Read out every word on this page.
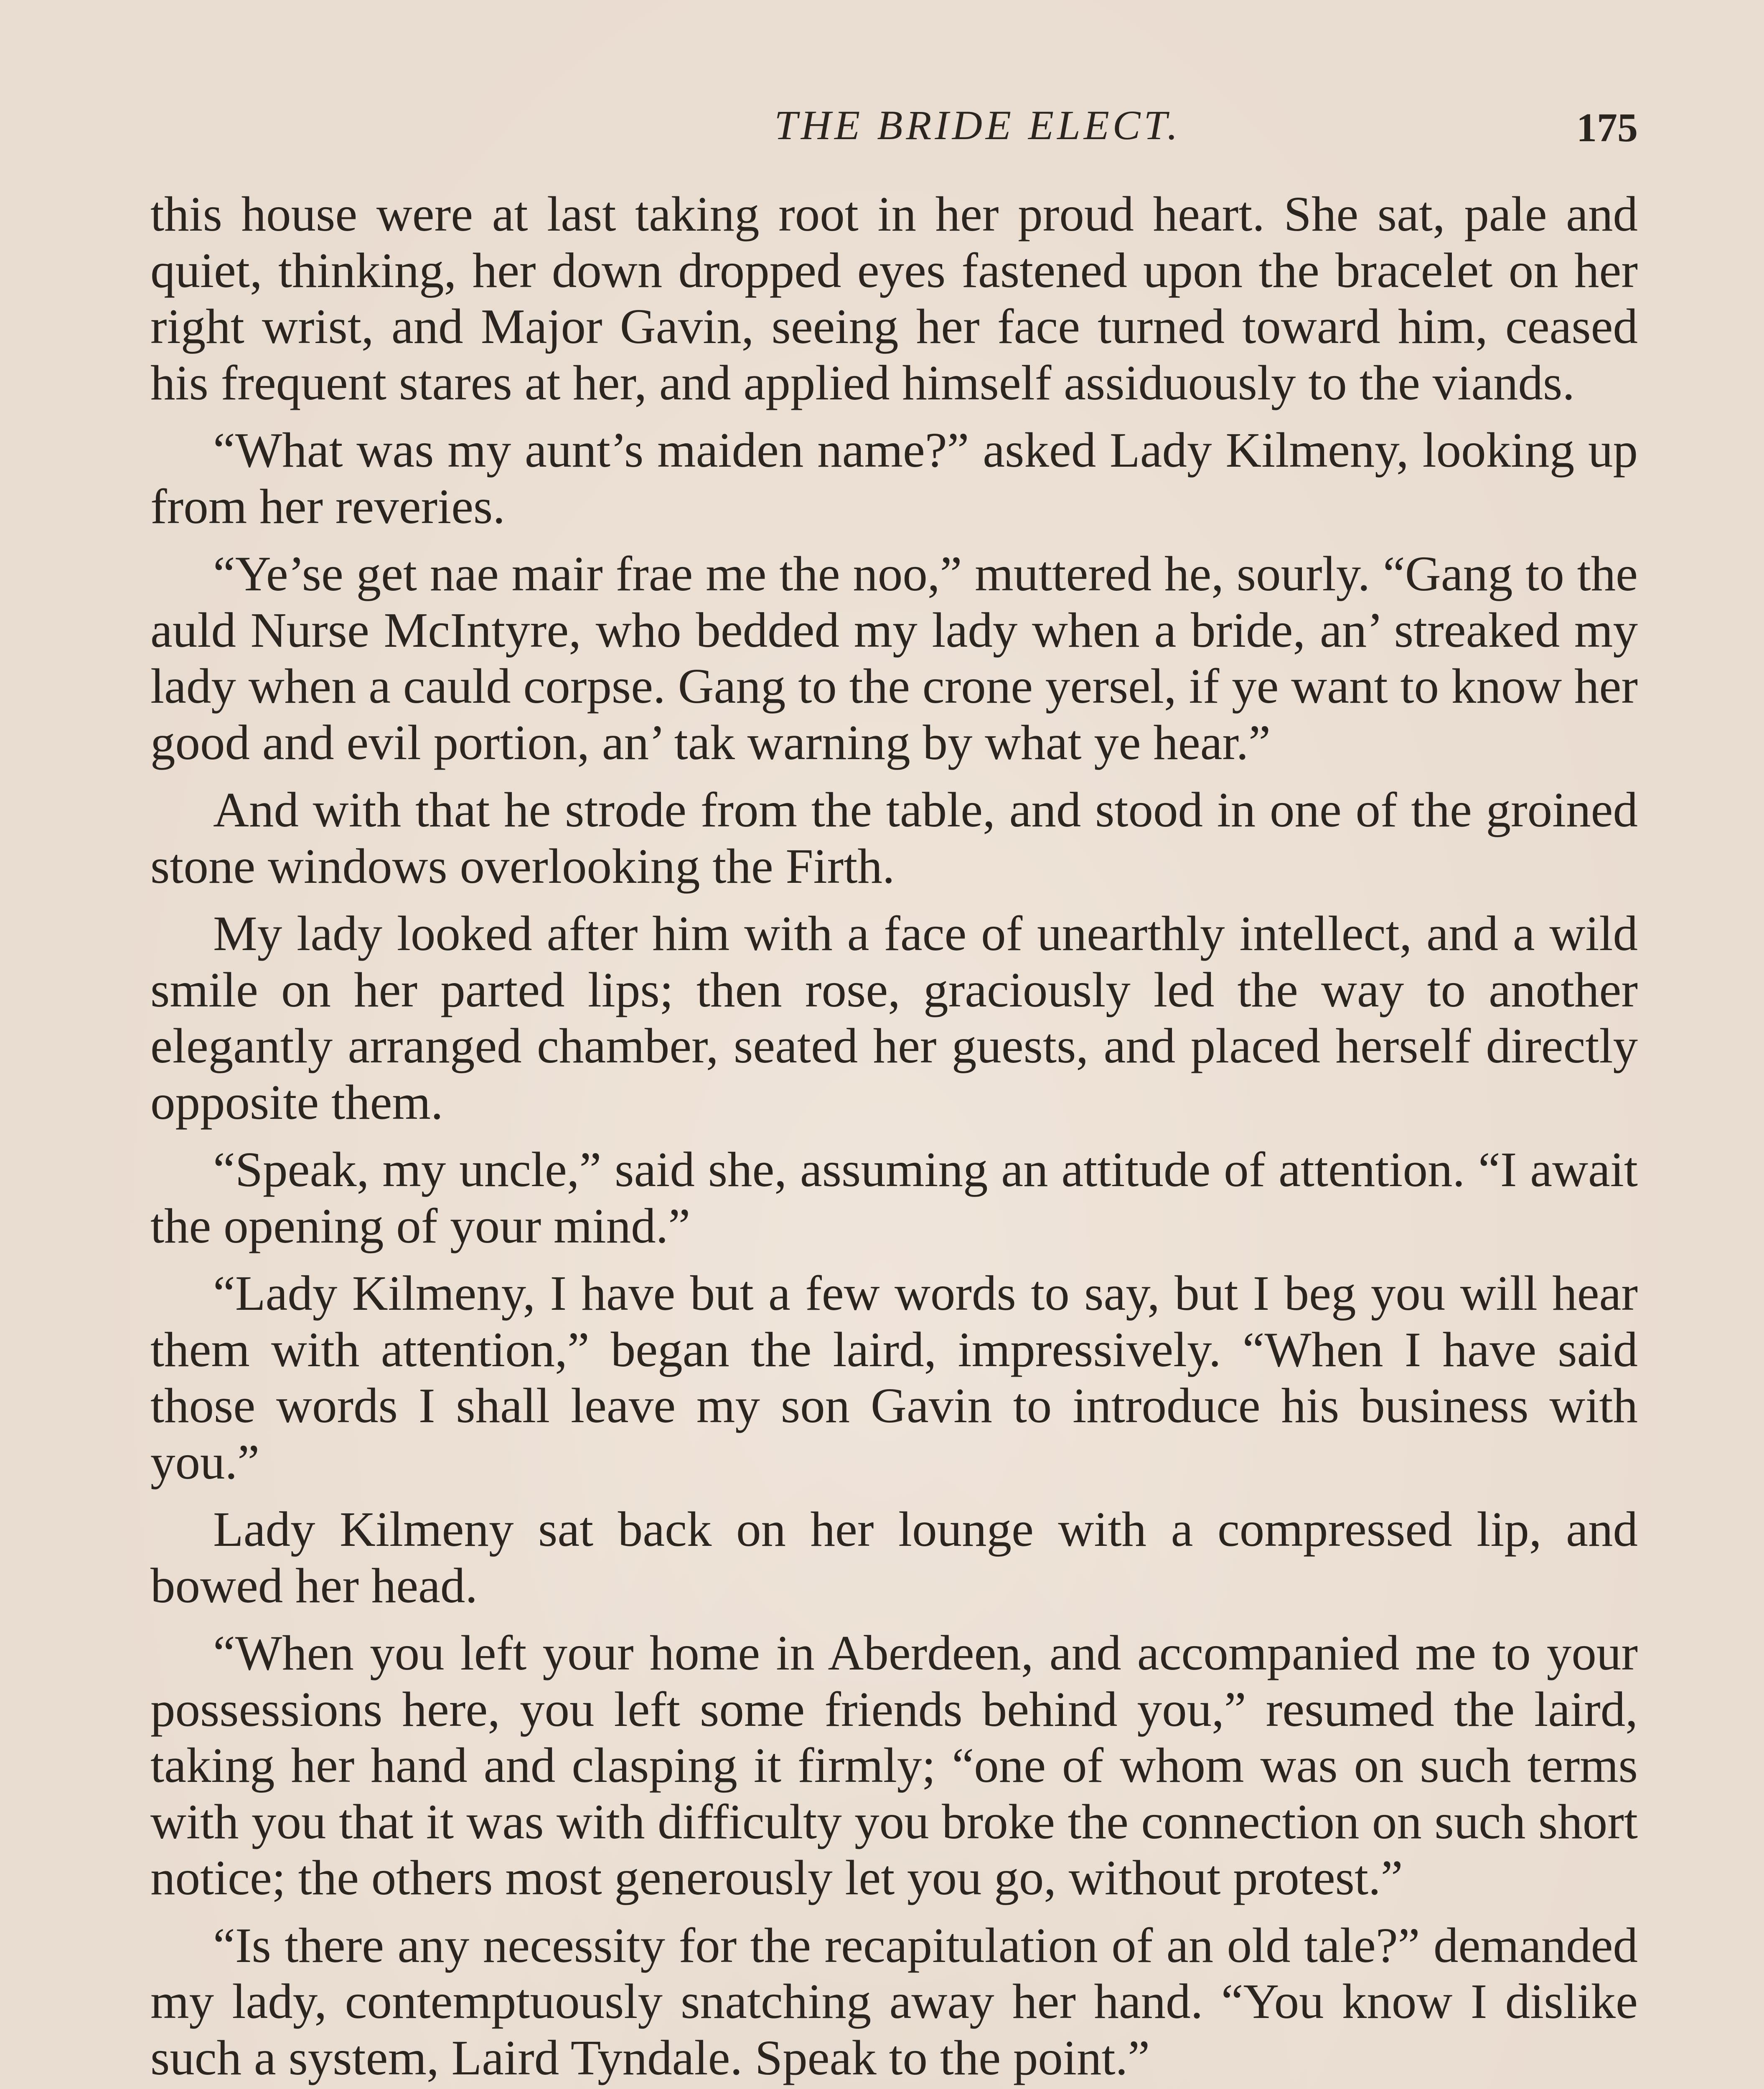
THE BRIDE ELECT.	175

this house were at last taking root in her proud heart. She sat, pale and quiet, thinking, her down dropped eyes fastened upon the bracelet on her right wrist, and Major Gavin, seeing her face turned toward him, ceased his frequent stares at her, and applied himself assiduously to the viands.

“What was my aunt’s maiden name?” asked Lady Kilmeny, looking up from her reveries.

“Ye’se get nae mair frae me the noo,” muttered he, sourly. “Gang to the auld Nurse McIntyre, who bedded my lady when a bride, an’ streaked my lady when a cauld corpse. Gang to the crone yersel, if ye want to know her good and evil portion, an’ tak warning by what ye hear.”

And with that he strode from the table, and stood in one of the groined stone windows overlooking the Firth.

My lady looked after him with a face of unearthly intellect, and a wild smile on her parted lips; then rose, graciously led the way to another elegantly arranged chamber, seated her guests, and placed herself directly opposite them.

“Speak, my uncle,” said she, assuming an attitude of attention. “I await the opening of your mind.”

“Lady Kilmeny, I have but a few words to say, but I beg you will hear them with attention,” began the laird, impressively. “When I have said those words I shall leave my son Gavin to introduce his business with you.”

Lady Kilmeny sat back on her lounge with a compressed lip, and bowed her head.

“When you left your home in Aberdeen, and accompanied me to your possessions here, you left some friends behind you,” resumed the laird, taking her hand and clasping it firmly; “one of whom was on such terms with you that it was with difficulty you broke the connection on such short notice; the others most generously let you go, without protest.”

“Is there any necessity for the recapitulation of an old tale?” demanded my lady, contemptuously snatching away her hand. “You know I dislike such a system, Laird Tyndale. Speak to the point.”
